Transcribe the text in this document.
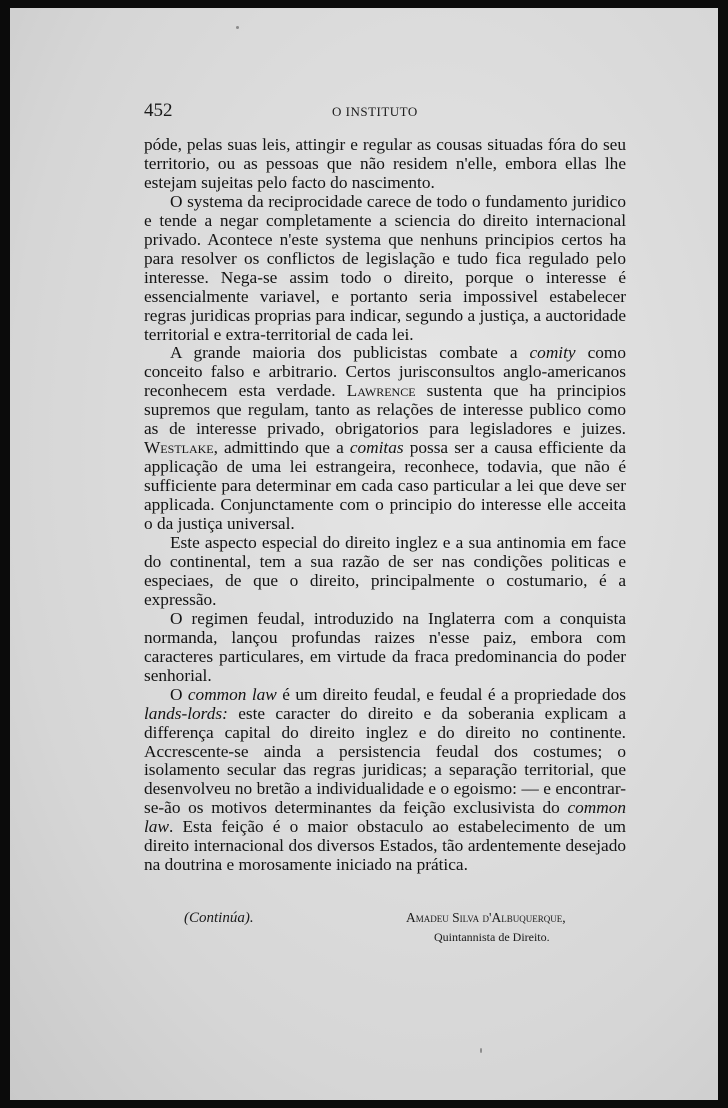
452	O INSTITUTO

póde, pelas suas leis, attingir e regular as cousas situadas fóra do seu territorio, ou as pessoas que não residem n'elle, embora ellas lhe estejam sujeitas pelo facto do nascimento.

O systema da reciprocidade carece de todo o fundamento juridico e tende a negar completamente a sciencia do direito internacional privado. Acontece n'este systema que nenhuns principios certos ha para resolver os conflictos de legislação e tudo fica regulado pelo interesse. Nega-se assim todo o direito, porque o interesse é essencialmente variavel, e portanto seria impossivel estabelecer regras juridicas proprias para indicar, segundo a justiça, a auctoridade territorial e extra-territorial de cada lei.

A grande maioria dos publicistas combate a comity como conceito falso e arbitrario. Certos jurisconsultos anglo-americanos reconhecem esta verdade. Lawrence sustenta que ha principios supremos que regulam, tanto as relações de interesse publico como as de interesse privado, obrigatorios para legisladores e juizes. Westlake, admittindo que a comitas possa ser a causa efficiente da applicação de uma lei estrangeira, reconhece, todavia, que não é sufficiente para determinar em cada caso particular a lei que deve ser applicada. Conjunctamente com o principio do interesse elle acceita o da justiça universal.

Este aspecto especial do direito inglez e a sua antinomia em face do continental, tem a sua razão de ser nas condições politicas e especiaes, de que o direito, principalmente o costumario, é a expressão.

O regimen feudal, introduzido na Inglaterra com a conquista normanda, lançou profundas raizes n'esse paiz, embora com caracteres particulares, em virtude da fraca predominancia do poder senhorial.

O common law é um direito feudal, e feudal é a propriedade dos lands-lords: este caracter do direito e da soberania explicam a differença capital do direito inglez e do direito no continente. Accrescente-se ainda a persistencia feudal dos costumes; o isolamento secular das regras juridicas; a separação territorial, que desenvolveu no bretão a individualidade e o egoismo: — e encontrar-se-ão os motivos determinantes da feição exclusivista do common law. Esta feição é o maior obstaculo ao estabelecimento de um direito internacional dos diversos Estados, tão ardentemente desejado na doutrina e morosamente iniciado na prática.

(Continúa).	Amadeu Silva d'Albuquerque,
Quintannista de Direito.
